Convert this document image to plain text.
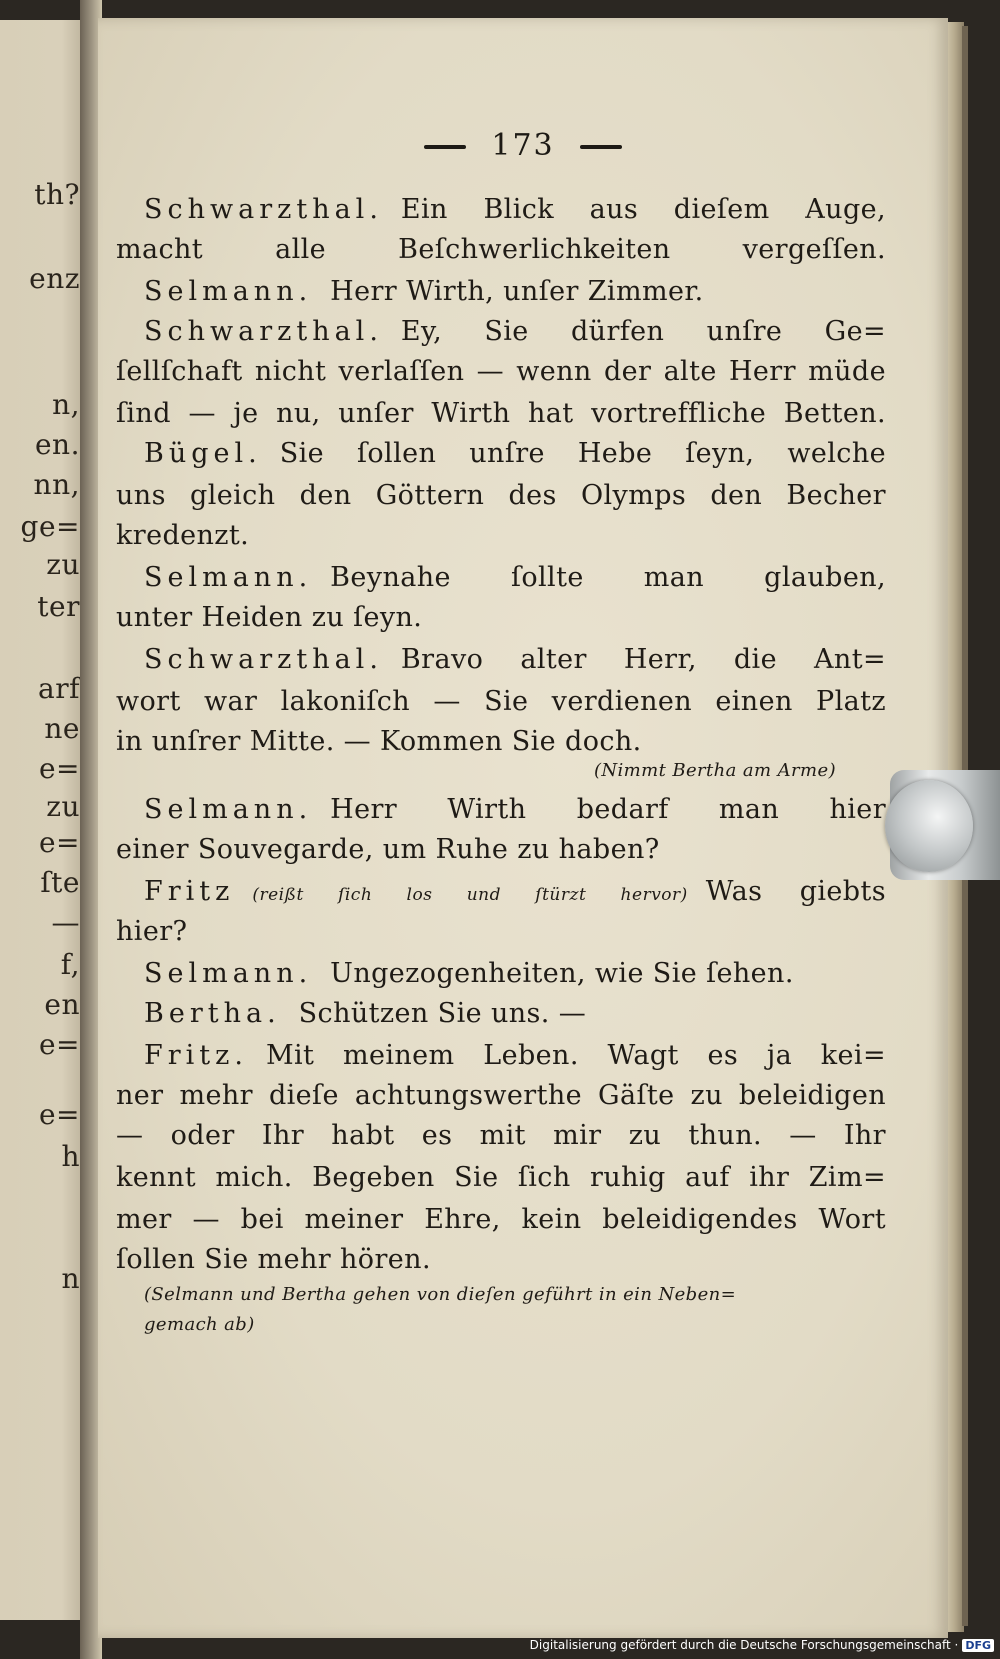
th?
enz
n,
en.
nn,
ge=
zu
ter
arf
ne
e=
zu
e=
ſte
—
f,
en
e=
e=
h
n
173
Schwarzthal. Ein Blick aus dieſem Auge,
macht alle Beſchwerlichkeiten vergeſſen.
Selmann. Herr Wirth, unſer Zimmer.
Schwarzthal. Ey, Sie dürfen unſre Ge=
ſellſchaft nicht verlaſſen — wenn der alte Herr müde
ſind — je nu, unſer Wirth hat vortreffliche Betten.
Bügel. Sie ſollen unſre Hebe ſeyn, welche
uns gleich den Göttern des Olymps den Becher
kredenzt.
Selmann. Beynahe ſollte man glauben,
unter Heiden zu ſeyn.
Schwarzthal. Bravo alter Herr, die Ant=
wort war lakoniſch — Sie verdienen einen Platz
in unſrer Mitte. — Kommen Sie doch.
(Nimmt Bertha am Arme)
Selmann. Herr Wirth bedarf man hier
einer Souvegarde, um Ruhe zu haben?
Fritz (reißt ſich los und ſtürzt hervor) Was giebts
hier?
Selmann. Ungezogenheiten, wie Sie ſehen.
Bertha. Schützen Sie uns. —
Fritz. Mit meinem Leben. Wagt es ja kei=
ner mehr dieſe achtungswerthe Gäſte zu beleidigen
— oder Ihr habt es mit mir zu thun. — Ihr
kennt mich. Begeben Sie ſich ruhig auf ihr Zim=
mer — bei meiner Ehre, kein beleidigendes Wort
ſollen Sie mehr hören.
(Selmann und Bertha gehen von dieſen geführt in ein Neben=
gemach ab)
Digitalisierung gefördert durch die Deutsche Forschungsgemeinschaft · DFG
